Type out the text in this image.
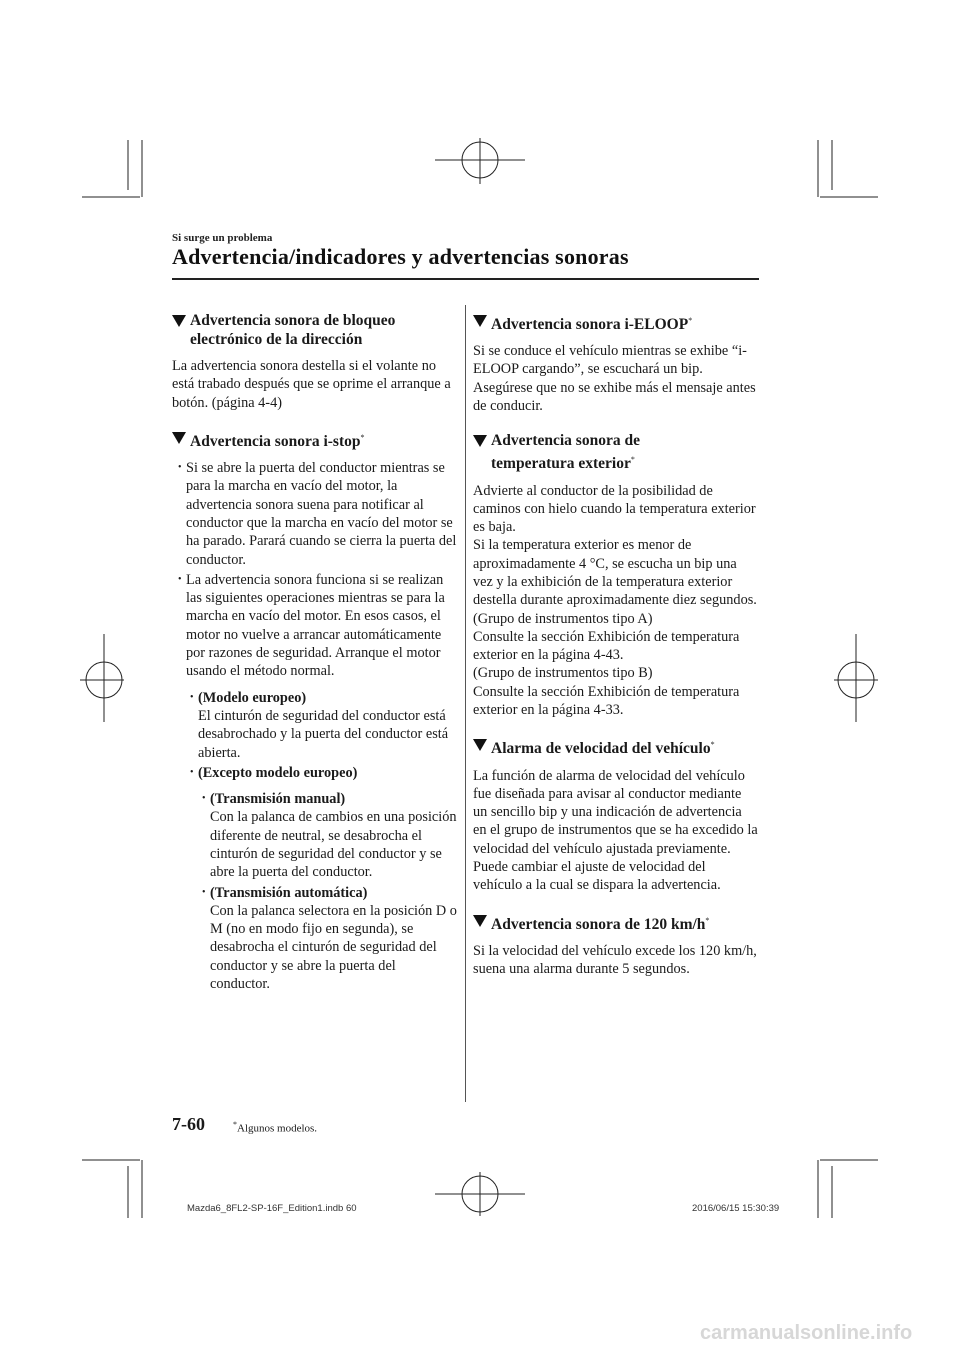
Si surge un problema
Advertencia/indicadores y advertencias sonoras
Advertencia sonora de bloqueo
electrónico de la dirección

La advertencia sonora destella si el volante no está trabado después que se oprime el arranque a botón. (página 4-4)

Advertencia sonora i-stop*
• Si se abre la puerta del conductor mientras se para la marcha en vacío del motor, la advertencia sonora suena para notificar al conductor que la marcha en vacío del motor se ha parado. Parará cuando se cierra la puerta del conductor.
• La advertencia sonora funciona si se realizan las siguientes operaciones mientras se para la marcha en vacío del motor. En esos casos, el motor no vuelve a arrancar automáticamente por razones de seguridad. Arranque el motor usando el método normal.
• (Modelo europeo)
El cinturón de seguridad del conductor está desabrochado y la puerta del conductor está abierta.
• (Excepto modelo europeo)
• (Transmisión manual)
Con la palanca de cambios en una posición diferente de neutral, se desabrocha el cinturón de seguridad del conductor y se abre la puerta del conductor.
• (Transmisión automática)
Con la palanca selectora en la posición D o M (no en modo fijo en segunda), se desabrocha el cinturón de seguridad del conductor y se abre la puerta del conductor.
Advertencia sonora i-ELOOP*

Si se conduce el vehículo mientras se exhibe “i-ELOOP cargando”, se escuchará un bip. Asegúrese que no se exhibe más el mensaje antes de conducir.

Advertencia sonora de
temperatura exterior*

Advierte al conductor de la posibilidad de caminos con hielo cuando la temperatura exterior es baja.

Si la temperatura exterior es menor de aproximadamente 4 °C, se escucha un bip una vez y la exhibición de la temperatura exterior destella durante aproximadamente diez segundos.

(Grupo de instrumentos tipo A)

Consulte la sección Exhibición de temperatura exterior en la página 4-43.

(Grupo de instrumentos tipo B)

Consulte la sección Exhibición de temperatura exterior en la página 4-33.

Alarma de velocidad del vehículo*

La función de alarma de velocidad del vehículo fue diseñada para avisar al conductor mediante un sencillo bip y una indicación de advertencia en el grupo de instrumentos que se ha excedido la velocidad del vehículo ajustada previamente.

Puede cambiar el ajuste de velocidad del vehículo a la cual se dispara la advertencia.

Advertencia sonora de 120 km/h*

Si la velocidad del vehículo excede los 120 km/h, suena una alarma durante 5 segundos.

7-60	*Algunos modelos.
Mazda6_8FL2-SP-16F_Edition1.indb 60	2016/06/15 15:30:39
carmanualsonline.info
